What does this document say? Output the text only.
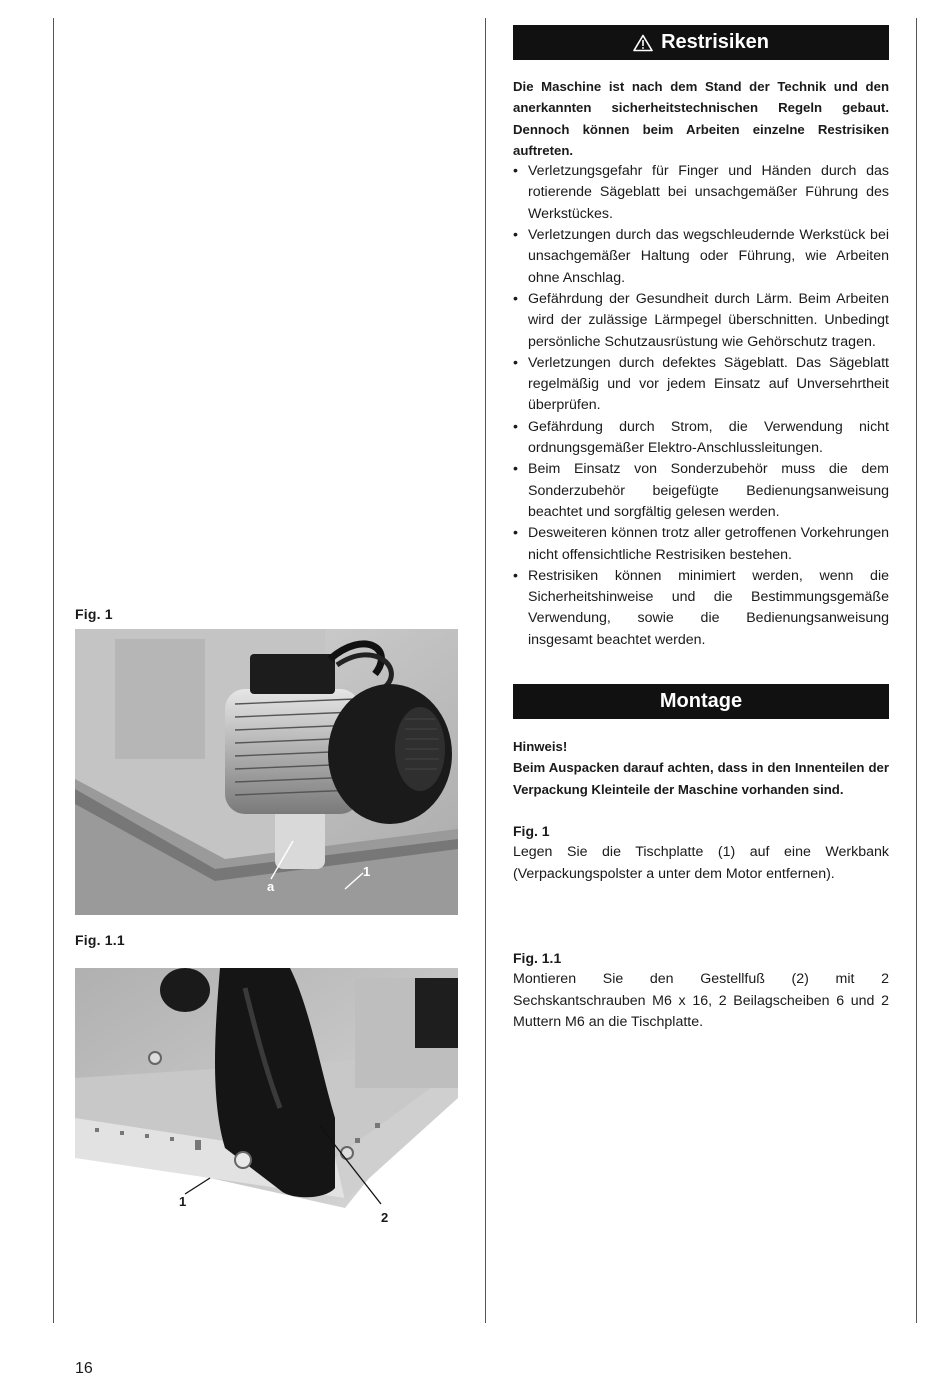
Fig. 1
a
1
Fig. 1.1
1
2
Restrisiken

Die Maschine ist nach dem Stand der Technik und den anerkannten sicherheitstechnischen Regeln gebaut. Dennoch können beim Arbeiten einzelne Restrisiken auftreten.

• Verletzungsgefahr für Finger und Händen durch das rotierende Sägeblatt bei unsachgemäßer Führung des Werkstückes.
• Verletzungen durch das wegschleudernde Werkstück bei unsachgemäßer Haltung oder Führung, wie Arbeiten ohne Anschlag.
• Gefährdung der Gesundheit durch Lärm. Beim Arbeiten wird der zulässige Lärmpegel überschnitten. Unbedingt persönliche Schutzausrüstung wie Gehörschutz tragen.
• Verletzungen durch defektes Sägeblatt. Das Sägeblatt regelmäßig und vor jedem Einsatz auf Unversehrtheit überprüfen.
• Gefährdung durch Strom, die Verwendung nicht ordnungsgemäßer Elektro-Anschlussleitungen.
• Beim Einsatz von Sonderzubehör muss die dem Sonderzubehör beigefügte Bedienungsanweisung beachtet und sorgfältig gelesen werden.
• Desweiteren können trotz aller getroffenen Vorkehrungen nicht offensichtliche Restrisiken bestehen.
• Restrisiken können minimiert werden, wenn die Sicherheitshinweise und die Bestimmungsgemäße Verwendung, sowie die Bedienungsanweisung insgesamt beachtet werden.
Montage

Hinweis!

Beim Auspacken darauf achten, dass in den Innenteilen der Verpackung Kleinteile der Maschine vorhanden sind.

Fig. 1

Legen Sie die Tischplatte (1) auf eine Werkbank (Verpackungspolster a unter dem Motor entfernen).

Fig. 1.1

Montieren Sie den Gestellfuß (2) mit 2 Sechskantschrauben M6 x 16, 2 Beilagscheiben 6 und 2 Muttern M6 an die Tischplatte.

16
